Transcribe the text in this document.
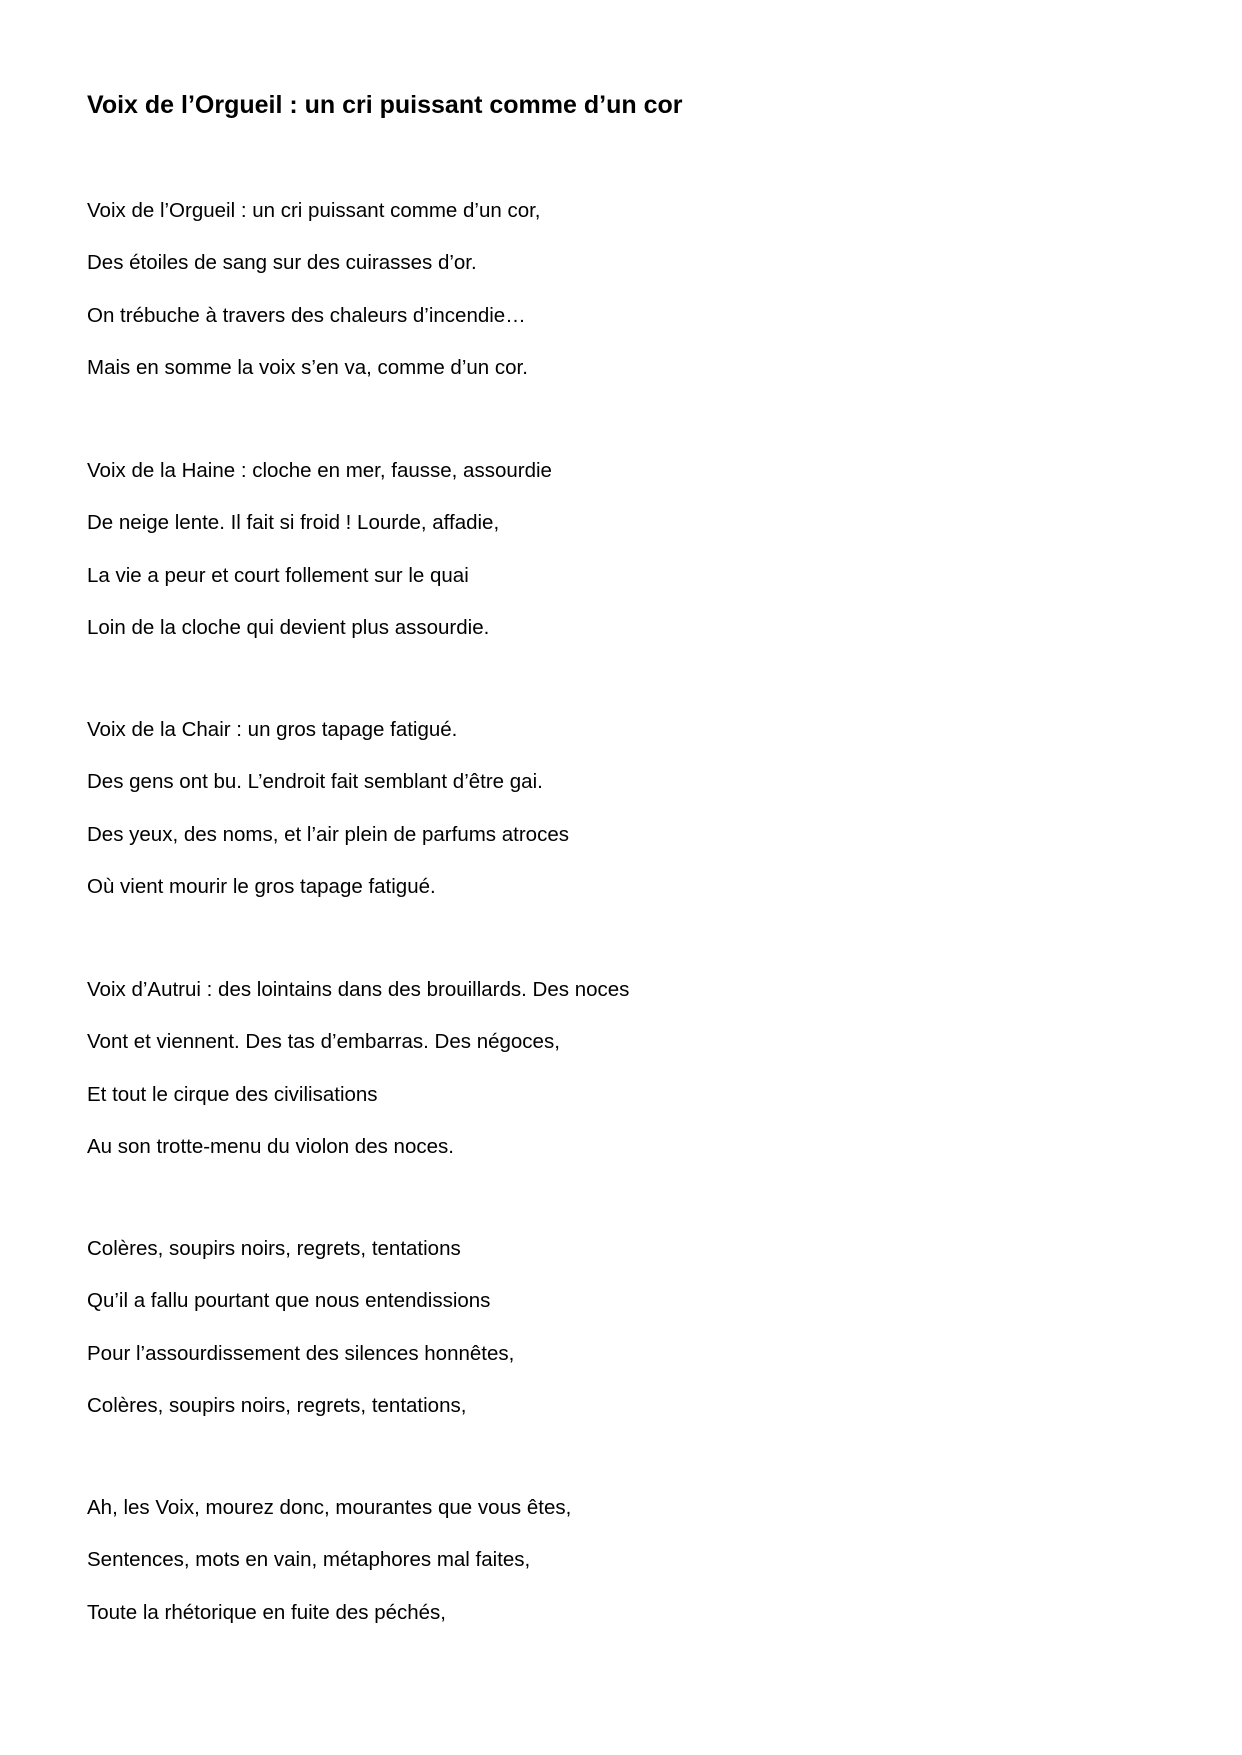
Voix de l’Orgueil : un cri puissant comme d’un cor
Voix de l’Orgueil : un cri puissant comme d’un cor,
Des étoiles de sang sur des cuirasses d’or.
On trébuche à travers des chaleurs d’incendie…
Mais en somme la voix s’en va, comme d’un cor.
Voix de la Haine : cloche en mer, fausse, assourdie
De neige lente. Il fait si froid ! Lourde, affadie,
La vie a peur et court follement sur le quai
Loin de la cloche qui devient plus assourdie.
Voix de la Chair : un gros tapage fatigué.
Des gens ont bu. L’endroit fait semblant d’être gai.
Des yeux, des noms, et l’air plein de parfums atroces
Où vient mourir le gros tapage fatigué.
Voix d’Autrui : des lointains dans des brouillards. Des noces
Vont et viennent. Des tas d’embarras. Des négoces,
Et tout le cirque des civilisations
Au son trotte-menu du violon des noces.
Colères, soupirs noirs, regrets, tentations
Qu’il a fallu pourtant que nous entendissions
Pour l’assourdissement des silences honnêtes,
Colères, soupirs noirs, regrets, tentations,
Ah, les Voix, mourez donc, mourantes que vous êtes,
Sentences, mots en vain, métaphores mal faites,
Toute la rhétorique en fuite des péchés,
